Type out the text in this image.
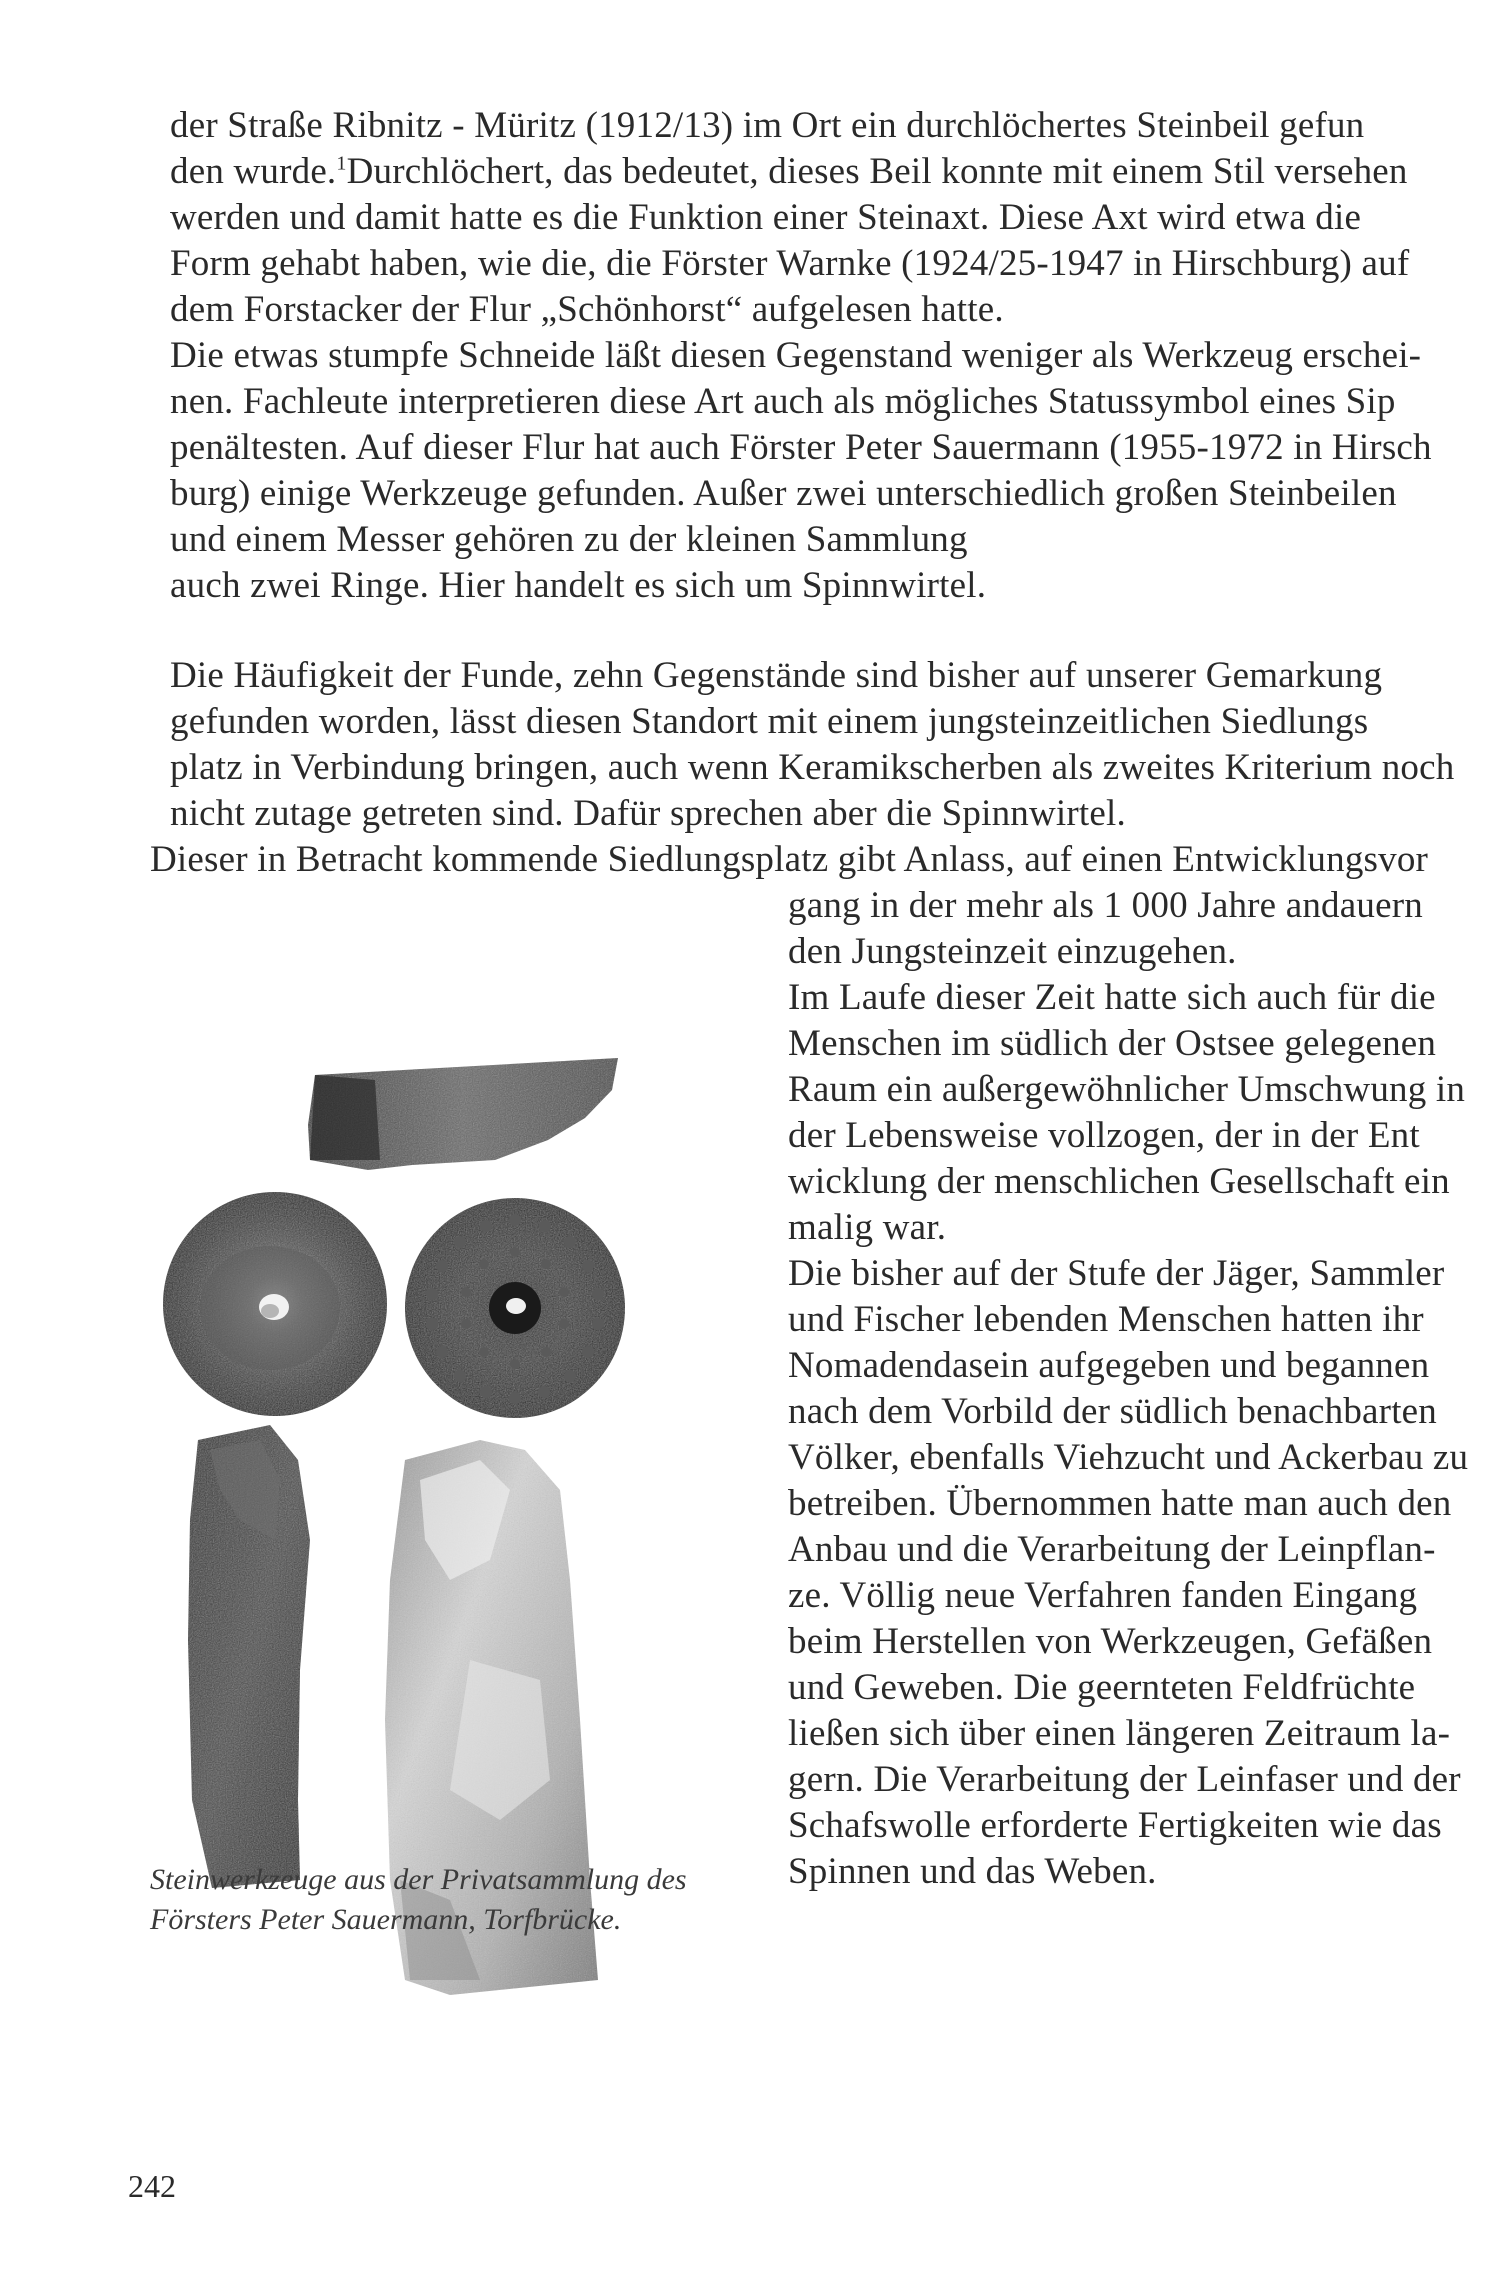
der Straße Ribnitz - Müritz (1912/13) im Ort ein durchlöchertes Steinbeil gefun
den wurde.$^1$Durchlöchert, das bedeutet, dieses Beil konnte mit einem Stil versehen
werden und damit hatte es die Funktion einer Steinaxt. Diese Axt wird etwa die
Form gehabt haben, wie die, die Förster Warnke (1924/25-1947 in Hirschburg) auf
dem Forstacker der Flur „Schönhorst“ aufgelesen hatte.
Die etwas stumpfe Schneide läßt diesen Gegenstand weniger als Werkzeug erschei-
nen. Fachleute interpretieren diese Art auch als mögliches Statussymbol eines Sip
penältesten. Auf dieser Flur hat auch Förster Peter Sauermann (1955-1972 in Hirsch
burg) einige Werkzeuge gefunden. Außer zwei unterschiedlich großen Steinbeilen
und einem Messer gehören zu der kleinen Sammlung
auch zwei Ringe. Hier handelt es sich um Spinnwirtel.
Die Häufigkeit der Funde, zehn Gegenstände sind bisher auf unserer Gemarkung
gefunden worden, lässt diesen Standort mit einem jungsteinzeitlichen Siedlungs
platz in Verbindung bringen, auch wenn Keramikscherben als zweites Kriterium noch
nicht zutage getreten sind. Dafür sprechen aber die Spinnwirtel.
Dieser in Betracht kommende Siedlungsplatz gibt Anlass, auf einen Entwicklungsvor
gang in der mehr als 1 000 Jahre andauern
den Jungsteinzeit einzugehen.
Im Laufe dieser Zeit hatte sich auch für die
Menschen im südlich der Ostsee gelegenen
Raum ein außergewöhnlicher Umschwung in
der Lebensweise vollzogen, der in der Ent
wicklung der menschlichen Gesellschaft ein
malig war.
Die bisher auf der Stufe der Jäger, Sammler
und Fischer lebenden Menschen hatten ihr
Nomadendasein aufgegeben und begannen
nach dem Vorbild der südlich benachbarten
Völker, ebenfalls Viehzucht und Ackerbau zu
betreiben. Übernommen hatte man auch den
Anbau und die Verarbeitung der Leinpflan-
ze. Völlig neue Verfahren fanden Eingang
beim Herstellen von Werkzeugen, Gefäßen
und Geweben. Die geernteten Feldfrüchte
ließen sich über einen längeren Zeitraum la-
gern. Die Verarbeitung der Leinfaser und der
Schafswolle erforderte Fertigkeiten wie das
Spinnen und das Weben.
Steinwerkzeuge aus der Privatsammlung des
Försters Peter Sauermann, Torfbrücke.
242
